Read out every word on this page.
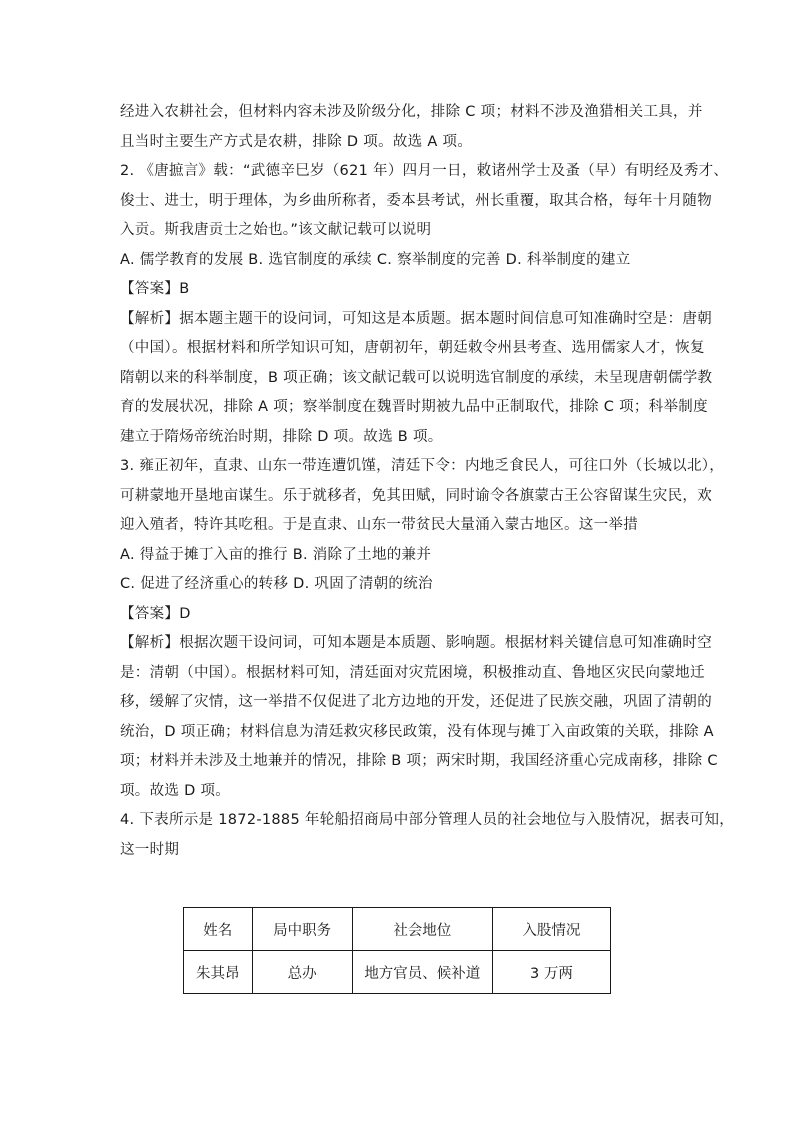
经进入农耕社会，但材料内容未涉及阶级分化，排除 C 项；材料不涉及渔猎相关工具，并
且当时主要生产方式是农耕，排除 D 项。故选 A 项。
2. 《唐摭言》载：“武德辛巳岁（621 年）四月一日，敕诸州学士及蚤（早）有明经及秀才、
俊士、进士，明于理体，为乡曲所称者，委本县考试，州长重覆，取其合格，每年十月随物
入贡。斯我唐贡士之始也。”该文献记载可以说明
A. 儒学教育的发展 B. 选官制度的承续 C. 察举制度的完善 D. 科举制度的建立
【答案】B
【解析】据本题主题干的设问词，可知这是本质题。据本题时间信息可知准确时空是：唐朝
（中国）。根据材料和所学知识可知，唐朝初年，朝廷敕令州县考查、选用儒家人才，恢复
隋朝以来的科举制度，B 项正确；该文献记载可以说明选官制度的承续，未呈现唐朝儒学教
育的发展状况，排除 A 项；察举制度在魏晋时期被九品中正制取代，排除 C 项；科举制度
建立于隋炀帝统治时期，排除 D 项。故选 B 项。
3. 雍正初年，直隶、山东一带连遭饥馑，清廷下令：内地乏食民人，可往口外（长城以北），
可耕蒙地开垦地亩谋生。乐于就移者，免其田赋，同时谕令各旗蒙古王公容留谋生灾民，欢
迎入殖者，特许其吃租。于是直隶、山东一带贫民大量涌入蒙古地区。这一举措
A. 得益于摊丁入亩的推行 B. 消除了土地的兼并
C. 促进了经济重心的转移 D. 巩固了清朝的统治
【答案】D
【解析】根据次题干设问词，可知本题是本质题、影响题。根据材料关键信息可知准确时空
是：清朝（中国）。根据材料可知，清廷面对灾荒困境，积极推动直、鲁地区灾民向蒙地迁
移，缓解了灾情，这一举措不仅促进了北方边地的开发，还促进了民族交融，巩固了清朝的
统治，D 项正确；材料信息为清廷救灾移民政策，没有体现与摊丁入亩政策的关联，排除 A
项；材料并未涉及土地兼并的情况，排除 B 项；两宋时期，我国经济重心完成南移，排除 C
项。故选 D 项。
4. 下表所示是 1872-1885 年轮船招商局中部分管理人员的社会地位与入股情况，据表可知，
这一时期
姓名	局中职务	社会地位	入股情况
朱其昂	总办	地方官员、候补道	3 万两
